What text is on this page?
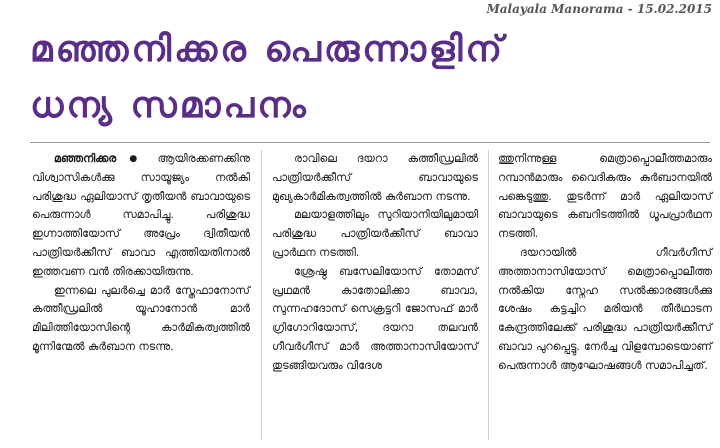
Malayala Manorama - 15.02.2015
മഞ്ഞനിക്കര പെരുന്നാളിന്
ധന്യ സമാപനം

മഞ്ഞനിക്കര ● ആയിരക്കണക്കിനു വിശ്വാസികൾക്കു സായൂജ്യം നൽകി പരിശുദ്ധ ഏലിയാസ് തൃതീയൻ ബാവായുടെ പെരുന്നാൾ സമാപിച്ചു. പരിശുദ്ധ ഇഗ്നാത്തിയോസ് അപ്രേം ദ്വിതീയൻ പാത്രിയർക്കീസ് ബാവാ എത്തിയതിനാൽ ഇത്തവണ വൻ തിരക്കായിരുന്നു.

ഇന്നലെ പുലർച്ചെ മാർ സ്തേഫാനോസ് കത്തീഡ്രലിൽ യൂഹാനോൻ മാർ മിലിത്തിയോസിന്റെ കാർമികത്വത്തിൽ മൂന്നിന്മേൽ കുർബാന നടന്നു.

രാവിലെ ദയറാ കത്തീഡ്രലിൽ പാത്രിയർക്കീസ് ബാവായുടെ മുഖ്യകാർമികത്വത്തിൽ കുർബാന നടന്നു.

മലയാളത്തിലും സുറിയാനിയിലുമായി പരിശുദ്ധ പാത്രിയർക്കീസ് ബാവാ പ്രാർഥന നടത്തി.

ശ്രേഷ്ഠ ബസേലിയോസ് തോമസ് പ്രഥമൻ കാതോലിക്കാ ബാവാ, സുന്നഹദോസ് സെക്രട്ടറി ജോസഫ് മാർ ഗ്രിഗോറിയോസ്, ദയറാ തലവൻ ഗീവർഗീസ് മാർ അത്താനാസിയോസ് തുടങ്ങിയവരും വിദേശ

ത്തുനിന്നുള്ള മെത്രാപ്പൊലീത്തമാരും റമ്പാൻമാരും വൈദികരും കുർബാനയിൽ പങ്കെടുത്തു. തുടർന്ന് മാർ ഏലിയാസ് ബാവായുടെ കബറിടത്തിൽ ധൂപപ്രാർഥന നടത്തി.

ദയറായിൽ ഗീവർഗീസ് അത്താനാസിയോസ് മെത്രാപ്പൊലീത്ത നൽകിയ സ്നേഹ സൽക്കാരങ്ങൾക്കു ശേഷം കട്ടച്ചിറ മരിയൻ തീർഥാടന കേന്ദ്രത്തിലേക്ക് പരിശുദ്ധ പാത്രിയർക്കീസ് ബാവാ പുറപ്പെട്ടു. നേർച്ച വിളമ്പോടെയാണ് പെരുന്നാൾ ആഘോഷങ്ങൾ സമാപിച്ചത്.
